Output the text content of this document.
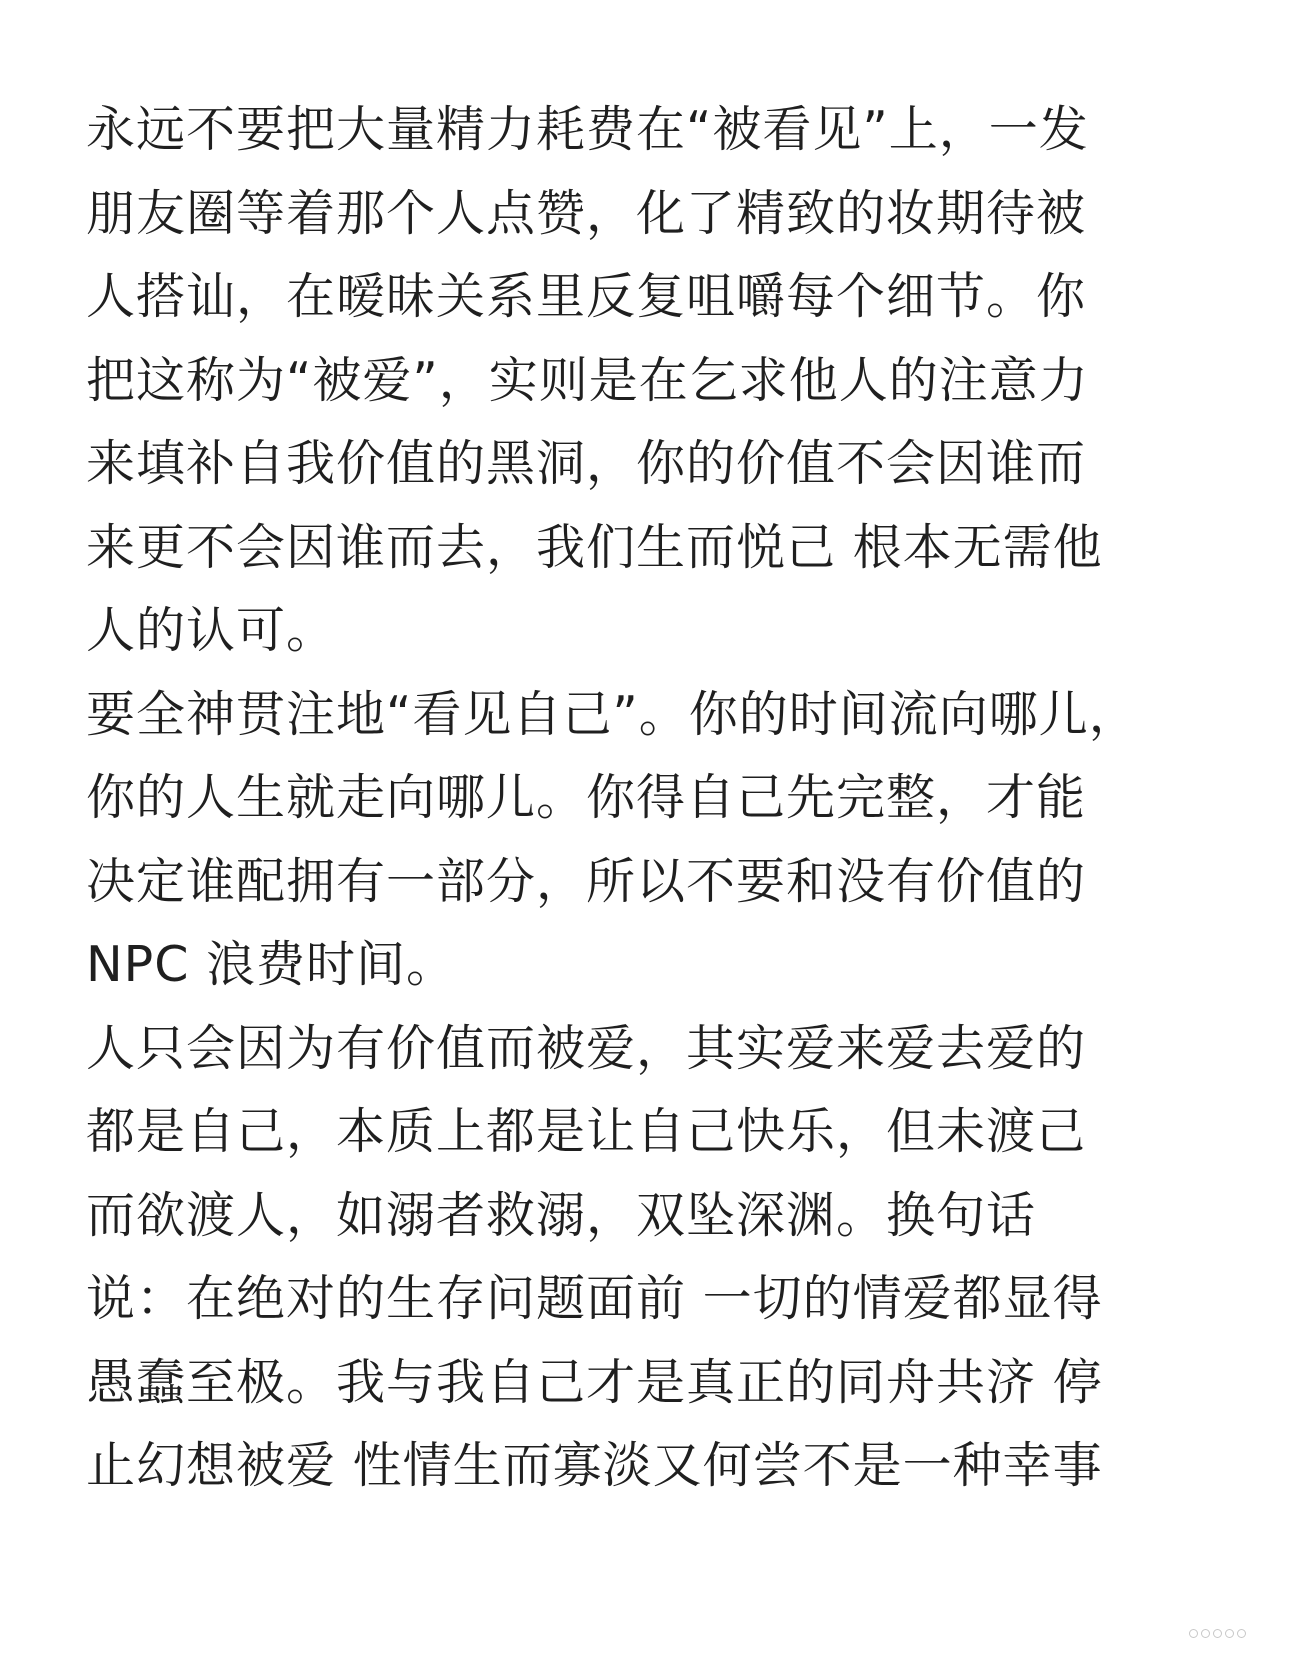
永远不要把大量精力耗费在“被看见”上，一发
朋友圈等着那个人点赞，化了精致的妆期待被
人搭讪，在暧昧关系里反复咀嚼每个细节。你
把这称为“被爱”，实则是在乞求他人的注意力
来填补自我价值的黑洞，你的价值不会因谁而
来更不会因谁而去，我们生而悦己 根本无需他
人的认可。
要全神贯注地“看见自己”。你的时间流向哪儿，
你的人生就走向哪儿。你得自己先完整，才能
决定谁配拥有一部分，所以不要和没有价值的
NPC 浪费时间。
人只会因为有价值而被爱，其实爱来爱去爱的
都是自己，本质上都是让自己快乐，但未渡己
而欲渡人，如溺者救溺，双坠深渊。换句话
说：在绝对的生存问题面前 一切的情爱都显得
愚蠢至极。我与我自己才是真正的同舟共济 停
止幻想被爱 性情生而寡淡又何尝不是一种幸事
